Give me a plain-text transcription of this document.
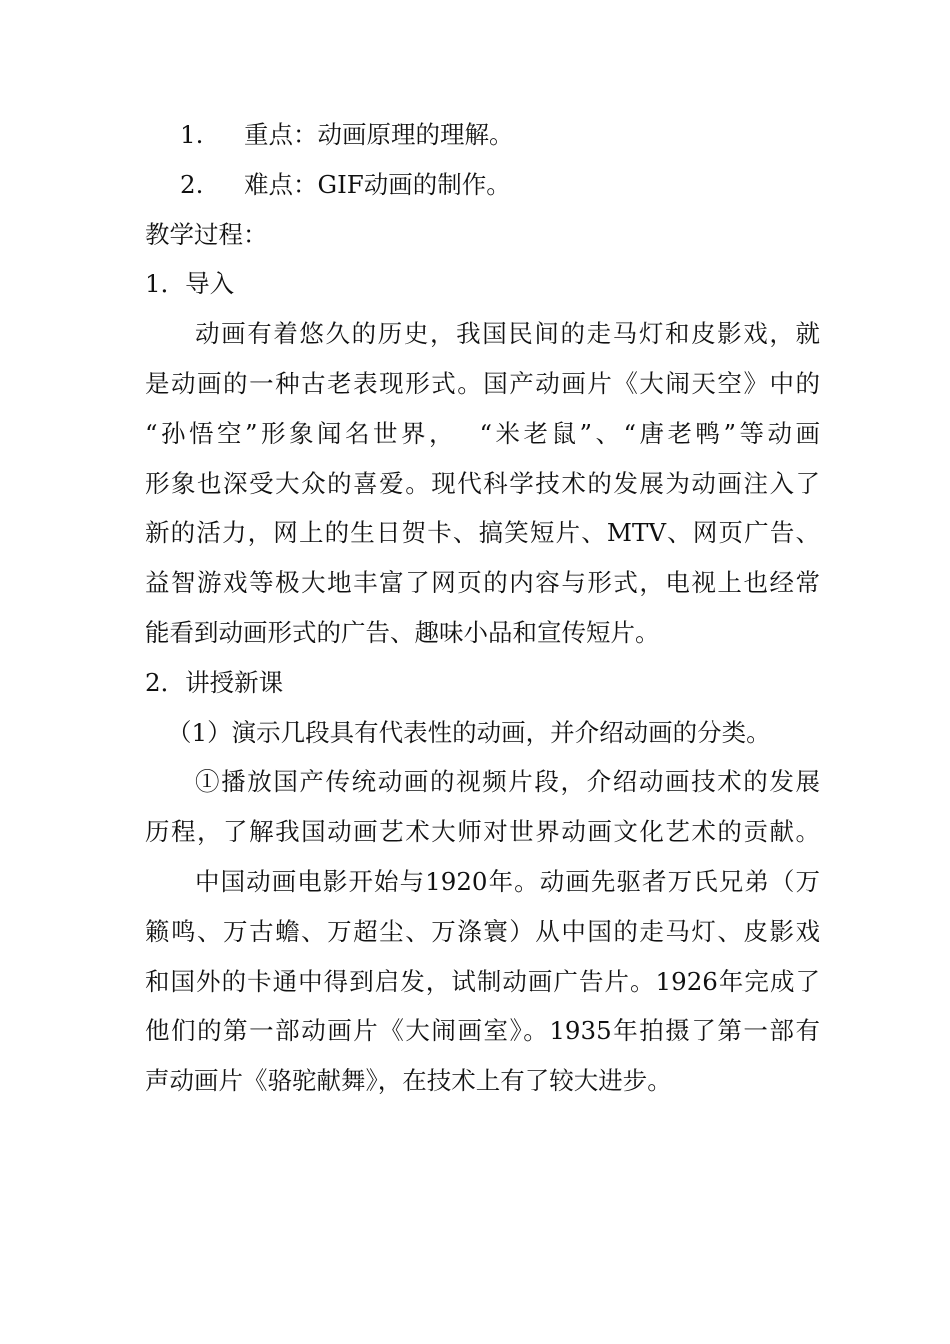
1. 重点：动画原理的理解。
2. 难点：GIF动画的制作。
教学过程：
1．导入
动画有着悠久的历史，我国民间的走马灯和皮影戏，就
是动画的一种古老表现形式。国产动画片《大闹天空》中的
“孙悟空”形象闻名世界，  “米老鼠”、“唐老鸭”等动画
形象也深受大众的喜爱。现代科学技术的发展为动画注入了
新的活力，网上的生日贺卡、搞笑短片、MTV、网页广告、
益智游戏等极大地丰富了网页的内容与形式，电视上也经常
能看到动画形式的广告、趣味小品和宣传短片。
2．讲授新课
（1）演示几段具有代表性的动画，并介绍动画的分类。
①播放国产传统动画的视频片段，介绍动画技术的发展
历程，了解我国动画艺术大师对世界动画文化艺术的贡献。
中国动画电影开始与1920年。动画先驱者万氏兄弟（万
籁鸣、万古蟾、万超尘、万涤寰）从中国的走马灯、皮影戏
和国外的卡通中得到启发，试制动画广告片。1926年完成了
他们的第一部动画片《大闹画室》。1935年拍摄了第一部有
声动画片《骆驼献舞》，在技术上有了较大进步。
